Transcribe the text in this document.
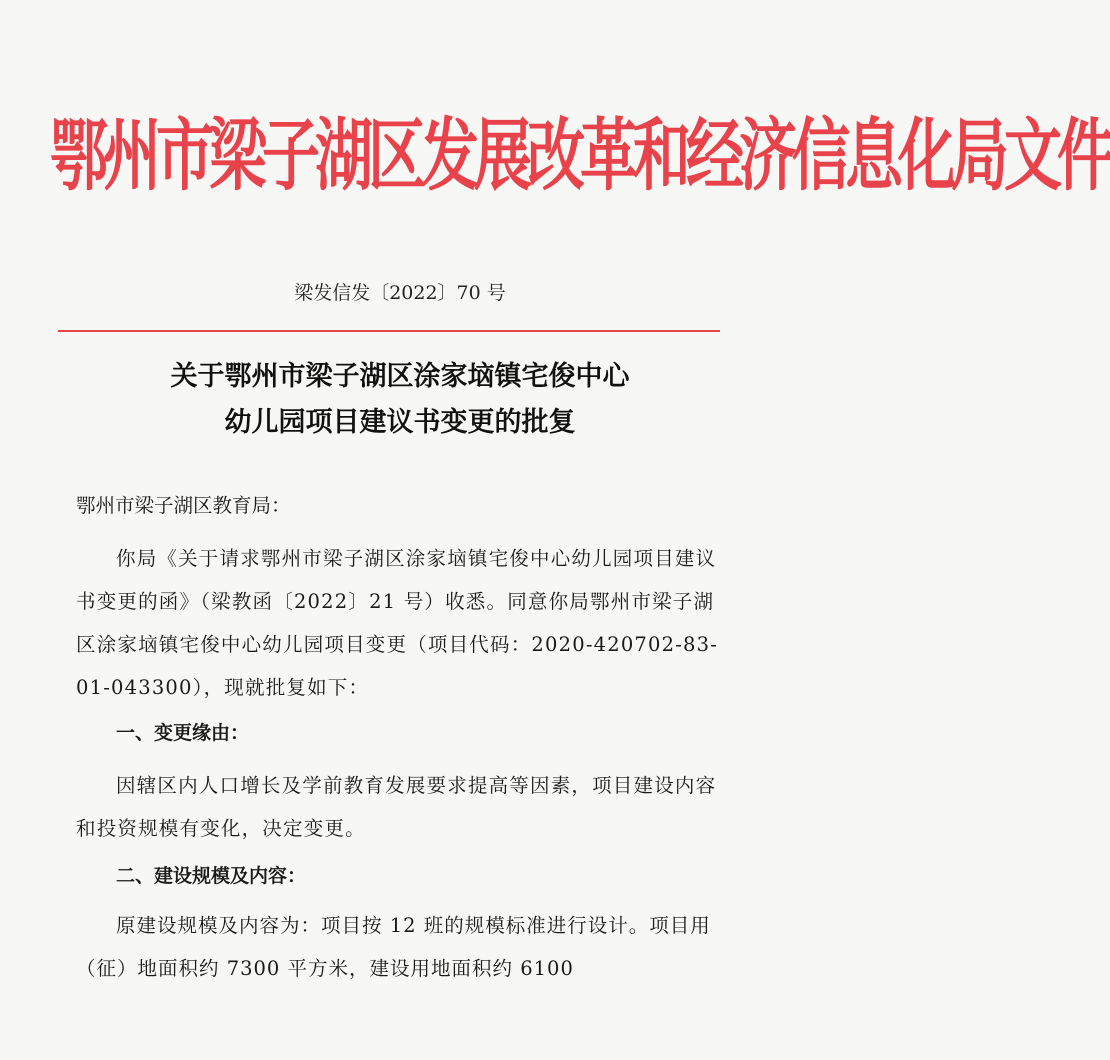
鄂州市梁子湖区发展改革和经济信息化局文件
梁发信发〔2022〕70 号
关于鄂州市梁子湖区涂家垴镇宅俊中心
幼儿园项目建议书变更的批复
鄂州市梁子湖区教育局：
你局《关于请求鄂州市梁子湖区涂家垴镇宅俊中心幼儿园项目建议书变更的函》（梁教函〔2022〕21 号）收悉。同意你局鄂州市梁子湖区涂家垴镇宅俊中心幼儿园项目变更（项目代码：2020-420702-83-01-043300），现就批复如下：
一、变更缘由：
因辖区内人口增长及学前教育发展要求提高等因素，项目建设内容和投资规模有变化，决定变更。
二、建设规模及内容：
原建设规模及内容为：项目按 12 班的规模标准进行设计。项目用（征）地面积约 7300 平方米，建设用地面积约 6100
